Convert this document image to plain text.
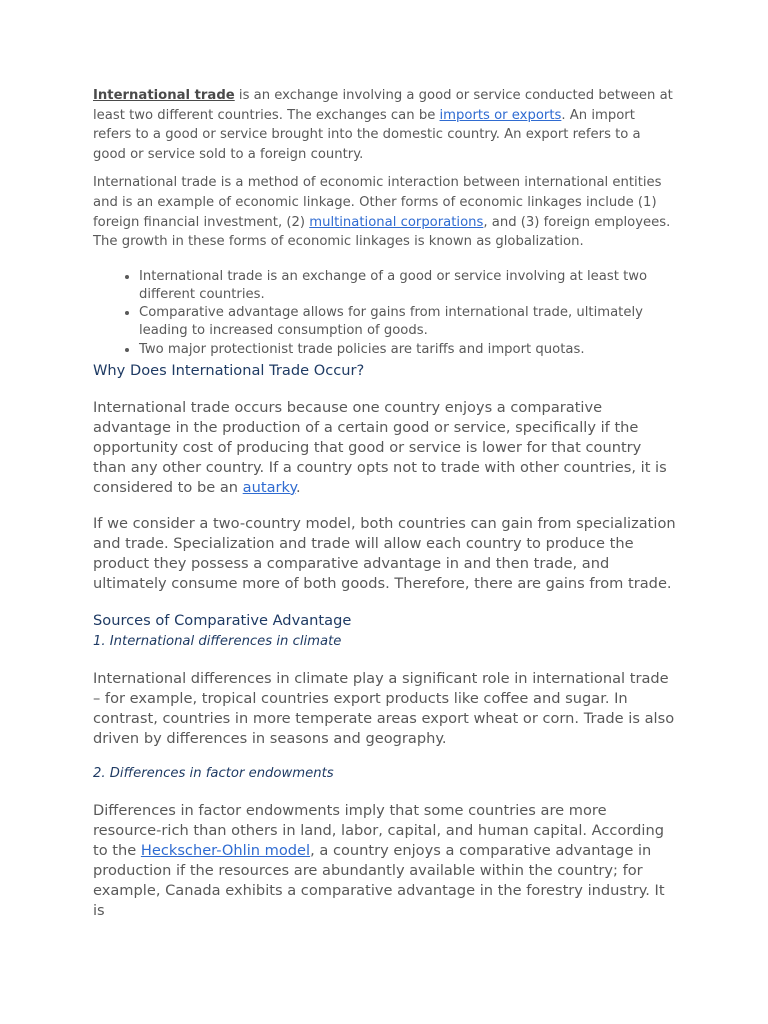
International trade is an exchange involving a good or service conducted between at least two different countries. The exchanges can be imports or exports. An import refers to a good or service brought into the domestic country. An export refers to a good or service sold to a foreign country.

International trade is a method of economic interaction between international entities and is an example of economic linkage. Other forms of economic linkages include (1) foreign financial investment, (2) multinational corporations, and (3) foreign employees. The growth in these forms of economic linkages is known as globalization.

• International trade is an exchange of a good or service involving at least two different countries.
• Comparative advantage allows for gains from international trade, ultimately leading to increased consumption of goods.
• Two major protectionist trade policies are tariffs and import quotas.
Why Does International Trade Occur?

International trade occurs because one country enjoys a comparative advantage in the production of a certain good or service, specifically if the opportunity cost of producing that good or service is lower for that country than any other country. If a country opts not to trade with other countries, it is considered to be an autarky.

If we consider a two-country model, both countries can gain from specialization and trade. Specialization and trade will allow each country to produce the product they possess a comparative advantage in and then trade, and ultimately consume more of both goods. Therefore, there are gains from trade.

Sources of Comparative Advantage
1. International differences in climate

International differences in climate play a significant role in international trade – for example, tropical countries export products like coffee and sugar. In contrast, countries in more temperate areas export wheat or corn. Trade is also driven by differences in seasons and geography.

2. Differences in factor endowments

Differences in factor endowments imply that some countries are more resource-rich than others in land, labor, capital, and human capital. According to the Heckscher-Ohlin model, a country enjoys a comparative advantage in production if the resources are abundantly available within the country; for example, Canada exhibits a comparative advantage in the forestry industry. It is
